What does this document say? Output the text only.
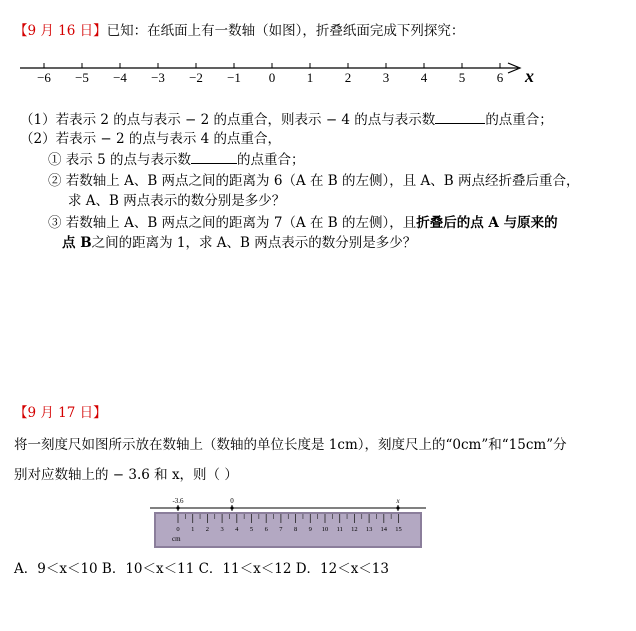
【9 月 16 日】已知：在纸面上有一数轴（如图），折叠纸面完成下列探究：
−6 −5 −4 −3 −2 −1 0 1 2 3 4 5 6 x
（1）若表示 2 的点与表示 − 2 的点重合，则表示 − 4 的点与表示数	的点重合；
（2）若表示 − 2 的点与表示 4 的点重合，
① 表示 5 的点与表示数	的点重合；
② 若数轴上 A、B 两点之间的距离为 6（A 在 B 的左侧），且 A、B 两点经折叠后重合，
求 A、B 两点表示的数分别是多少？
③ 若数轴上 A、B 两点之间的距离为 7（A 在 B 的左侧），且折叠后的点 A 与原来的
点 B之间的距离为 1，求 A、B 两点表示的数分别是多少？
【9 月 17 日】
将一刻度尺如图所示放在数轴上（数轴的单位长度是 1cm），刻度尺上的“0cm”和“15cm”分
别对应数轴上的 − 3.6 和 x，则（ ）
-3.6	0	x
0 1 2 3 4 5 6 7 8 9 10 11 12 13 14 15
cm
A．9＜x＜10 B．10＜x＜11 C．11＜x＜12 D．12＜x＜13
